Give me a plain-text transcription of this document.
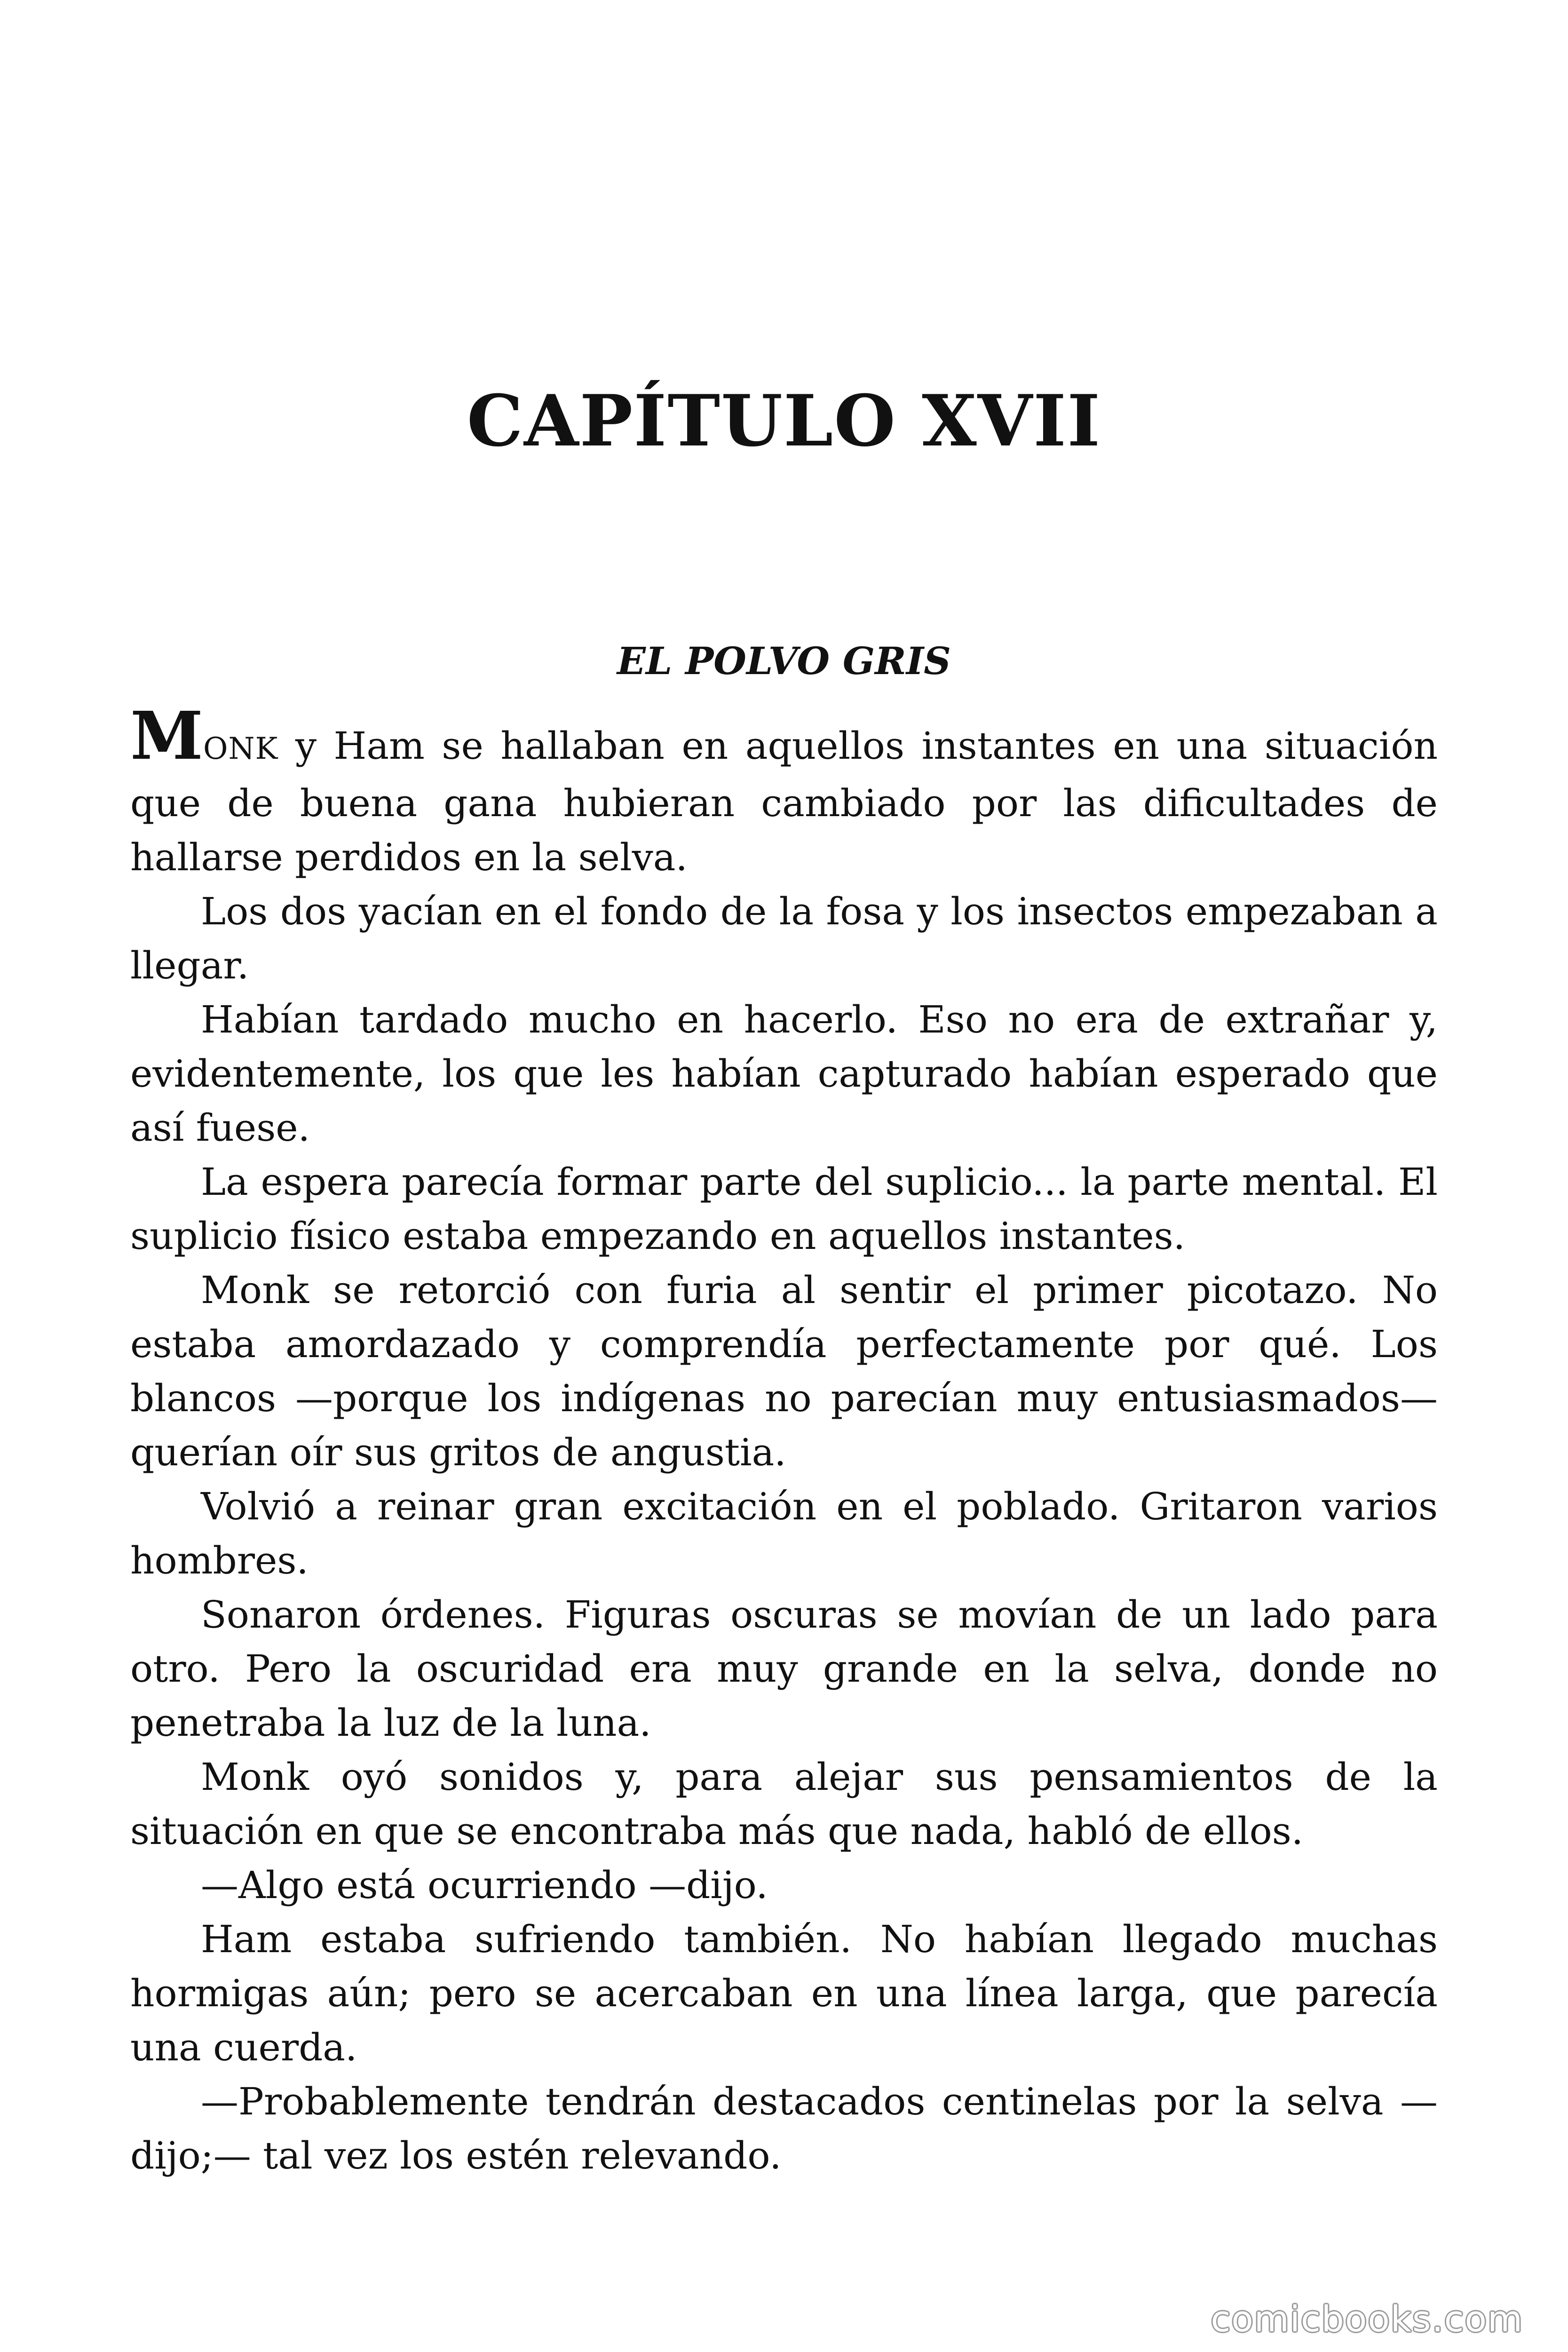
CAPÍTULO XVII
EL POLVO GRIS

MONK y Ham se hallaban en aquellos instantes en una situación que de buena gana hubieran cambiado por las dificultades de hallarse perdidos en la selva.

Los dos yacían en el fondo de la fosa y los insectos empezaban a llegar.

Habían tardado mucho en hacerlo. Eso no era de extrañar y, evidentemente, los que les habían capturado habían esperado que así fuese.

La espera parecía formar parte del suplicio... la parte mental. El suplicio físico estaba empezando en aquellos instantes.

Monk se retorció con furia al sentir el primer picotazo. No estaba amordazado y comprendía perfectamente por qué. Los blancos —porque los indígenas no parecían muy entusiasmados— querían oír sus gritos de angustia.

Volvió a reinar gran excitación en el poblado. Gritaron varios hombres.

Sonaron órdenes. Figuras oscuras se movían de un lado para otro. Pero la oscuridad era muy grande en la selva, donde no penetraba la luz de la luna.

Monk oyó sonidos y, para alejar sus pensamientos de la situación en que se encontraba más que nada, habló de ellos.

—Algo está ocurriendo —dijo.

Ham estaba sufriendo también. No habían llegado muchas hormigas aún; pero se acercaban en una línea larga, que parecía una cuerda.

—Probablemente tendrán destacados centinelas por la selva —dijo;— tal vez los estén relevando.

comicbooks.com
